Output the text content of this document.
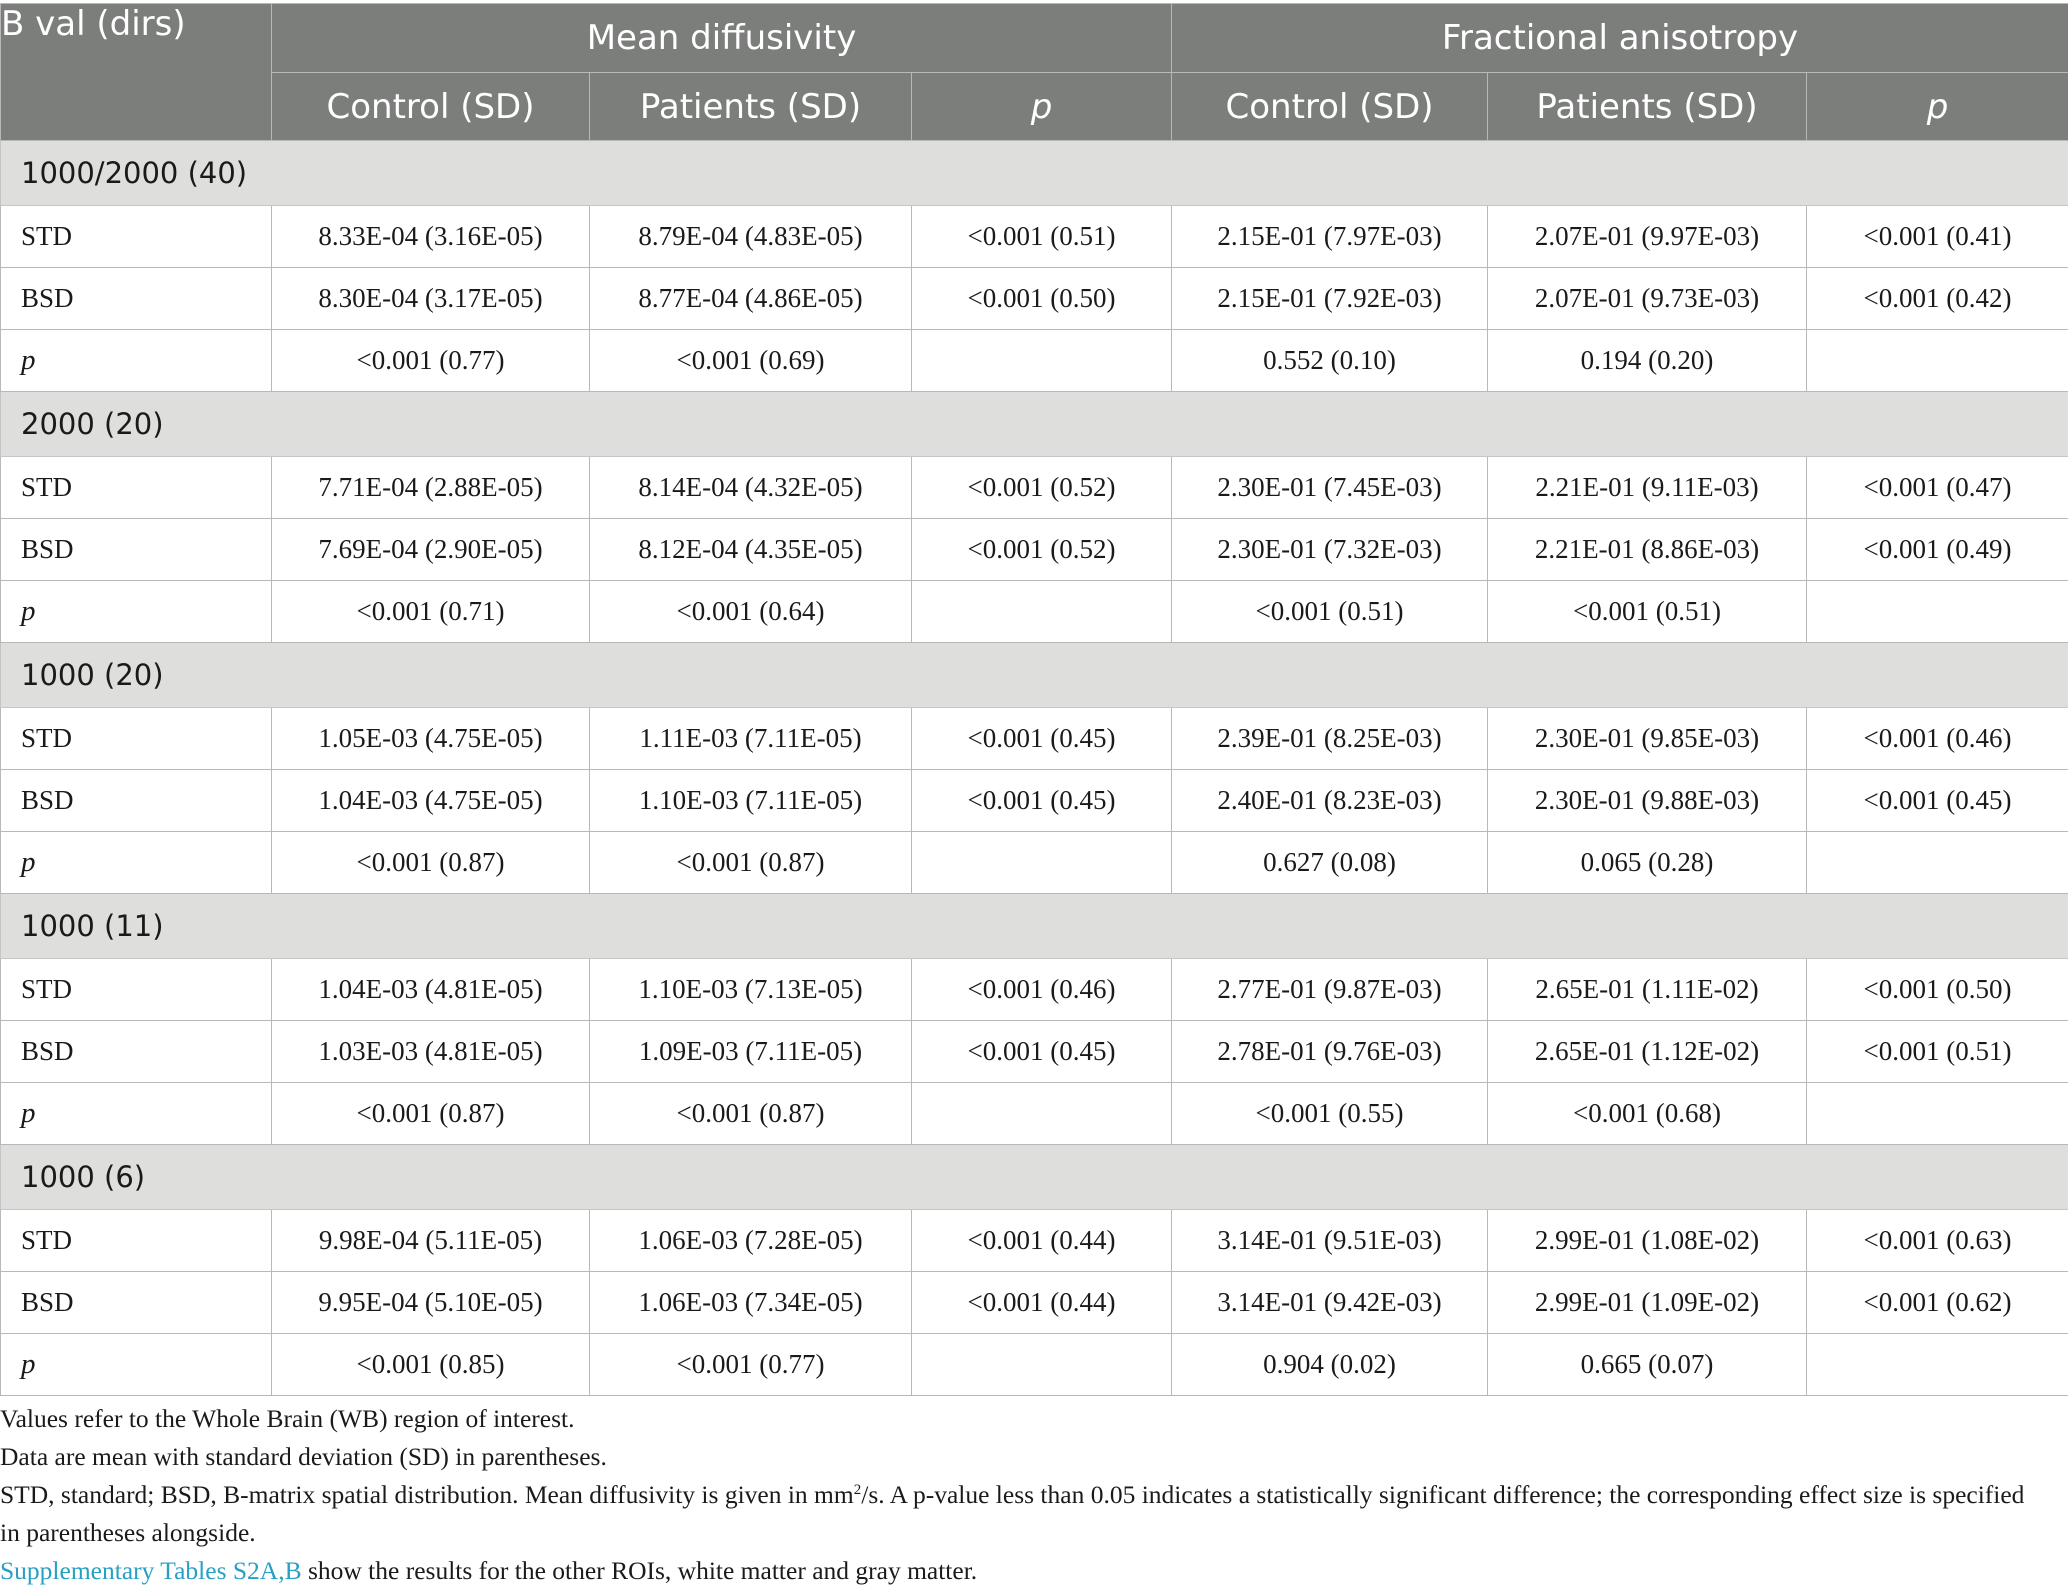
B val (dirs)	Mean diffusivity			Fractional anisotropy		
	Control (SD)	Patients (SD)	p	Control (SD)	Patients (SD)	p
1000/2000 (40)						
STD	8.33E-04 (3.16E-05)	8.79E-04 (4.83E-05)	<0.001 (0.51)	2.15E-01 (7.97E-03)	2.07E-01 (9.97E-03)	<0.001 (0.41)
BSD	8.30E-04 (3.17E-05)	8.77E-04 (4.86E-05)	<0.001 (0.50)	2.15E-01 (7.92E-03)	2.07E-01 (9.73E-03)	<0.001 (0.42)
p	<0.001 (0.77)	<0.001 (0.69)		0.552 (0.10)	0.194 (0.20)	
2000 (20)						
STD	7.71E-04 (2.88E-05)	8.14E-04 (4.32E-05)	<0.001 (0.52)	2.30E-01 (7.45E-03)	2.21E-01 (9.11E-03)	<0.001 (0.47)
BSD	7.69E-04 (2.90E-05)	8.12E-04 (4.35E-05)	<0.001 (0.52)	2.30E-01 (7.32E-03)	2.21E-01 (8.86E-03)	<0.001 (0.49)
p	<0.001 (0.71)	<0.001 (0.64)		<0.001 (0.51)	<0.001 (0.51)	
1000 (20)						
STD	1.05E-03 (4.75E-05)	1.11E-03 (7.11E-05)	<0.001 (0.45)	2.39E-01 (8.25E-03)	2.30E-01 (9.85E-03)	<0.001 (0.46)
BSD	1.04E-03 (4.75E-05)	1.10E-03 (7.11E-05)	<0.001 (0.45)	2.40E-01 (8.23E-03)	2.30E-01 (9.88E-03)	<0.001 (0.45)
p	<0.001 (0.87)	<0.001 (0.87)		0.627 (0.08)	0.065 (0.28)	
1000 (11)						
STD	1.04E-03 (4.81E-05)	1.10E-03 (7.13E-05)	<0.001 (0.46)	2.77E-01 (9.87E-03)	2.65E-01 (1.11E-02)	<0.001 (0.50)
BSD	1.03E-03 (4.81E-05)	1.09E-03 (7.11E-05)	<0.001 (0.45)	2.78E-01 (9.76E-03)	2.65E-01 (1.12E-02)	<0.001 (0.51)
p	<0.001 (0.87)	<0.001 (0.87)		<0.001 (0.55)	<0.001 (0.68)	
1000 (6)						
STD	9.98E-04 (5.11E-05)	1.06E-03 (7.28E-05)	<0.001 (0.44)	3.14E-01 (9.51E-03)	2.99E-01 (1.08E-02)	<0.001 (0.63)
BSD	9.95E-04 (5.10E-05)	1.06E-03 (7.34E-05)	<0.001 (0.44)	3.14E-01 (9.42E-03)	2.99E-01 (1.09E-02)	<0.001 (0.62)
p	<0.001 (0.85)	<0.001 (0.77)		0.904 (0.02)	0.665 (0.07)	

Values refer to the Whole Brain (WB) region of interest.

Data are mean with standard deviation (SD) in parentheses.

STD, standard; BSD, B-matrix spatial distribution. Mean diffusivity is given in $mm^2/s$. A p-value less than 0.05 indicates a statistically significant difference; the corresponding effect size is specified in parentheses alongside.

Supplementary Tables S2A,B show the results for the other ROIs, white matter and gray matter.
